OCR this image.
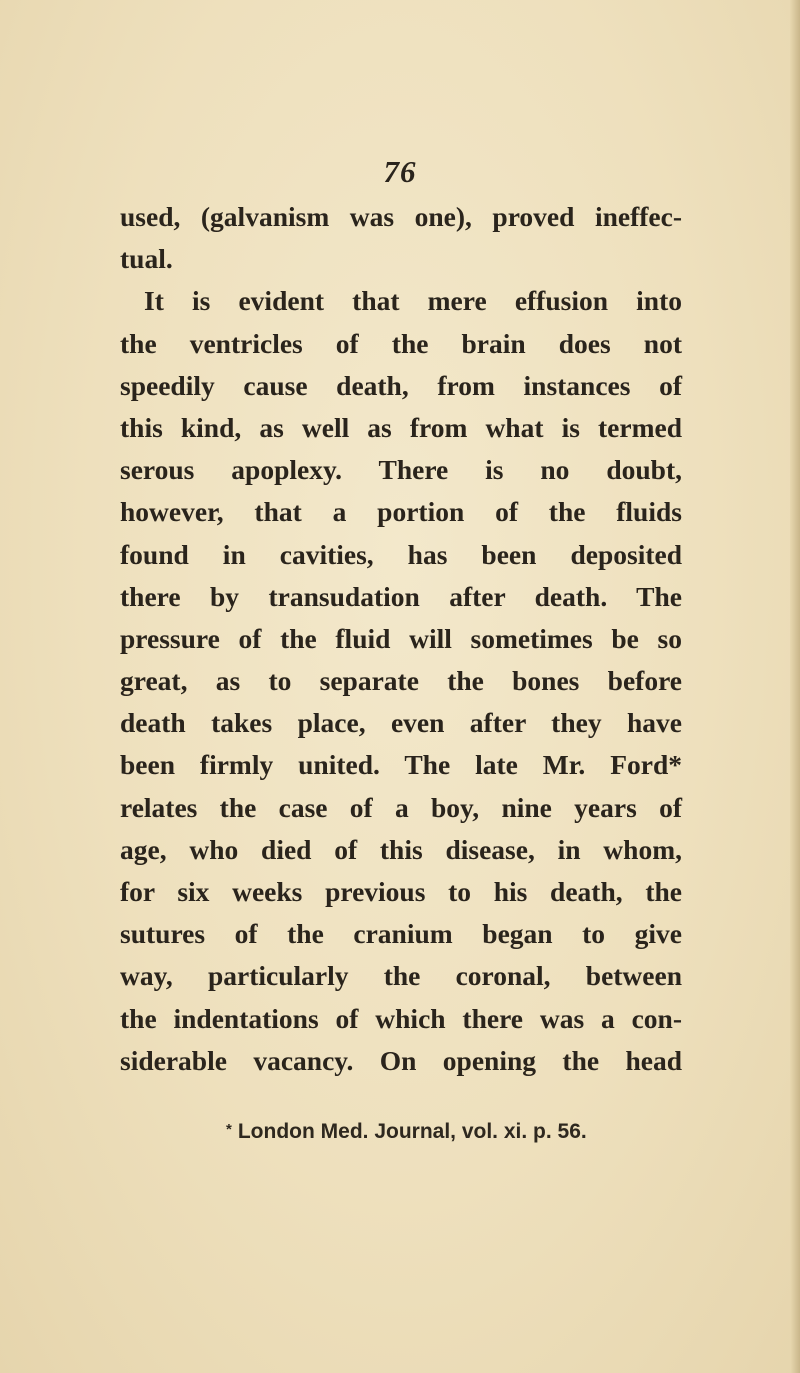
76
used, (galvanism was one), proved ineffec-
tual.
It is evident that mere effusion into
the ventricles of the brain does not
speedily cause death, from instances of
this kind, as well as from what is termed
serous apoplexy. There is no doubt,
however, that a portion of the fluids
found in cavities, has been deposited
there by transudation after death. The
pressure of the fluid will sometimes be so
great, as to separate the bones before
death takes place, even after they have
been firmly united. The late Mr. Ford*
relates the case of a boy, nine years of
age, who died of this disease, in whom,
for six weeks previous to his death, the
sutures of the cranium began to give
way, particularly the coronal, between
the indentations of which there was a con-
siderable vacancy. On opening the head
* London Med. Journal, vol. xi. p. 56.
